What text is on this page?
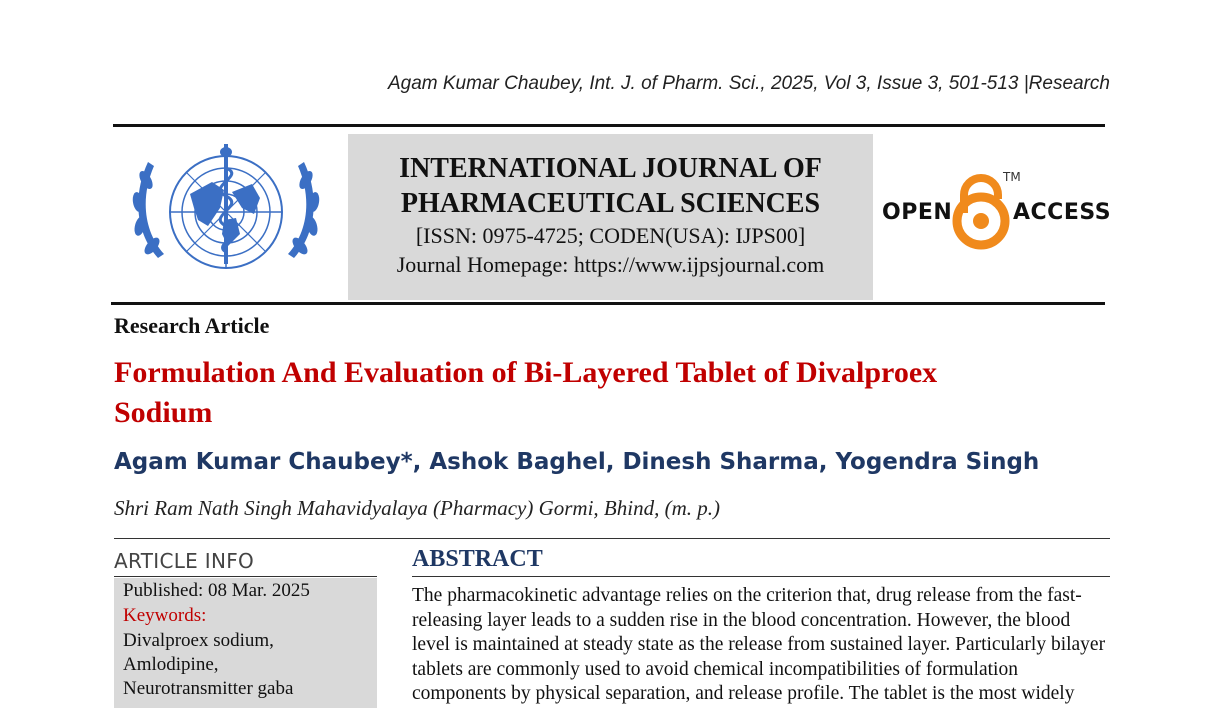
Agam Kumar Chaubey, Int. J. of Pharm. Sci., 2025, Vol 3, Issue 3, 501-513 |Research
INTERNATIONAL JOURNAL OF
PHARMACEUTICAL SCIENCES
[ISSN: 0975-4725; CODEN(USA): IJPS00]
Journal Homepage: https://www.ijpsjournal.com
OPEN	ACCESS
TM
Research Article
Formulation And Evaluation of Bi-Layered Tablet of Divalproex Sodium
Agam Kumar Chaubey*, Ashok Baghel, Dinesh Sharma, Yogendra Singh
Shri Ram Nath Singh Mahavidyalaya (Pharmacy) Gormi, Bhind, (m. p.)
ARTICLE INFO
Published: 08 Mar. 2025
Keywords:
Divalproex sodium,
Amlodipine,
Neurotransmitter gaba
ABSTRACT
The pharmacokinetic advantage relies on the criterion that, drug release from the fast-
releasing layer leads to a sudden rise in the blood concentration. However, the blood
level is maintained at steady state as the release from sustained layer. Particularly bilayer
tablets are commonly used to avoid chemical incompatibilities of formulation
components by physical separation, and release profile. The tablet is the most widely
